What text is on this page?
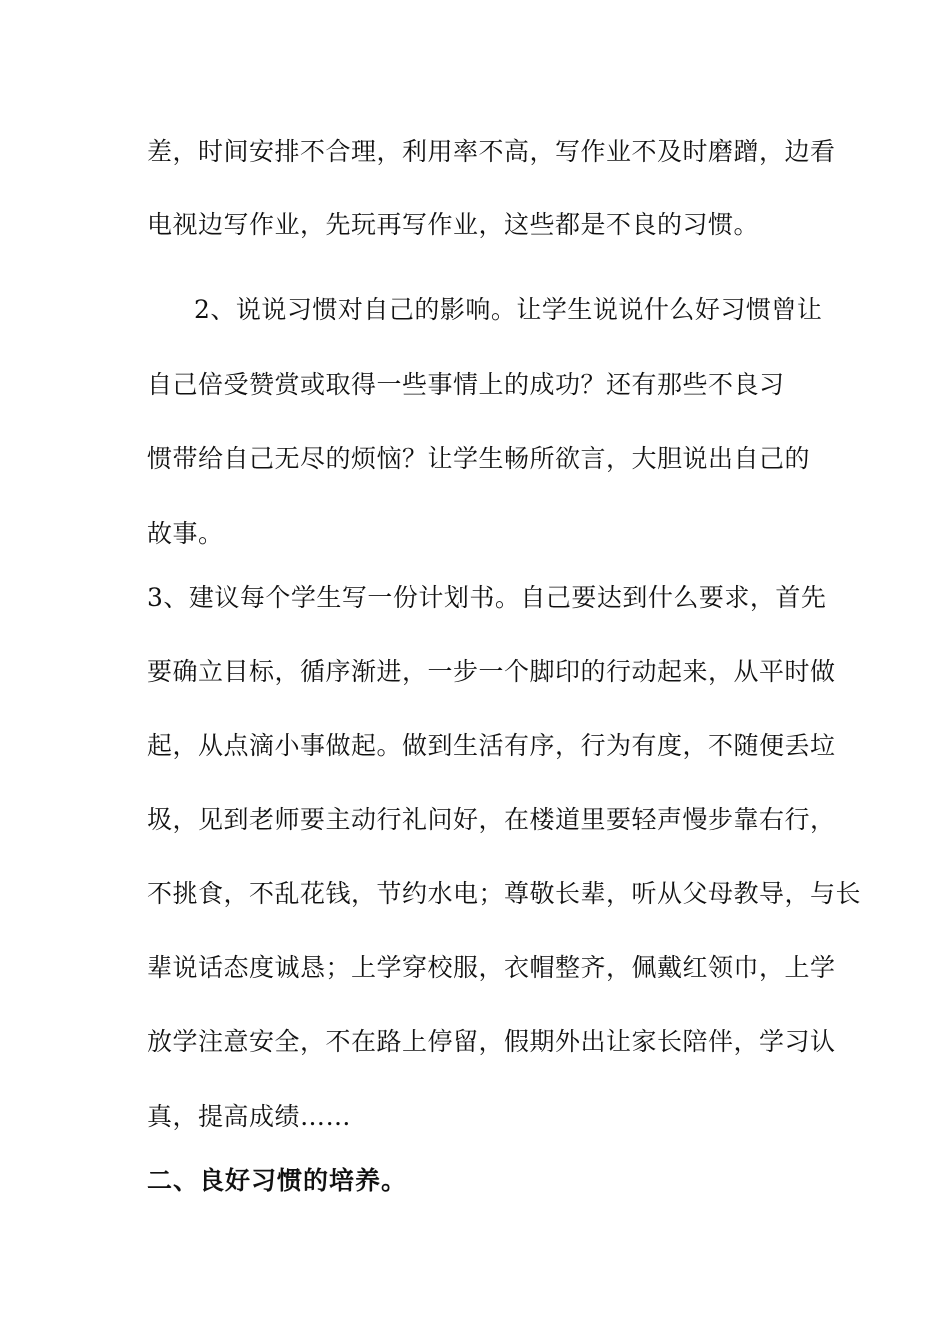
差，时间安排不合理，利用率不高，写作业不及时磨蹭，边看
电视边写作业，先玩再写作业，这些都是不良的习惯。
2、说说习惯对自己的影响。让学生说说什么好习惯曾让
自己倍受赞赏或取得一些事情上的成功？还有那些不良习
惯带给自己无尽的烦恼？让学生畅所欲言，大胆说出自己的
故事。
3、建议每个学生写一份计划书。自己要达到什么要求，首先
要确立目标，循序渐进，一步一个脚印的行动起来，从平时做
起，从点滴小事做起。做到生活有序，行为有度，不随便丢垃
圾，见到老师要主动行礼问好，在楼道里要轻声慢步靠右行，
不挑食，不乱花钱，节约水电；尊敬长辈，听从父母教导，与长
辈说话态度诚恳；上学穿校服，衣帽整齐，佩戴红领巾，上学
放学注意安全，不在路上停留，假期外出让家长陪伴，学习认
真，提高成绩……
二、良好习惯的培养。
